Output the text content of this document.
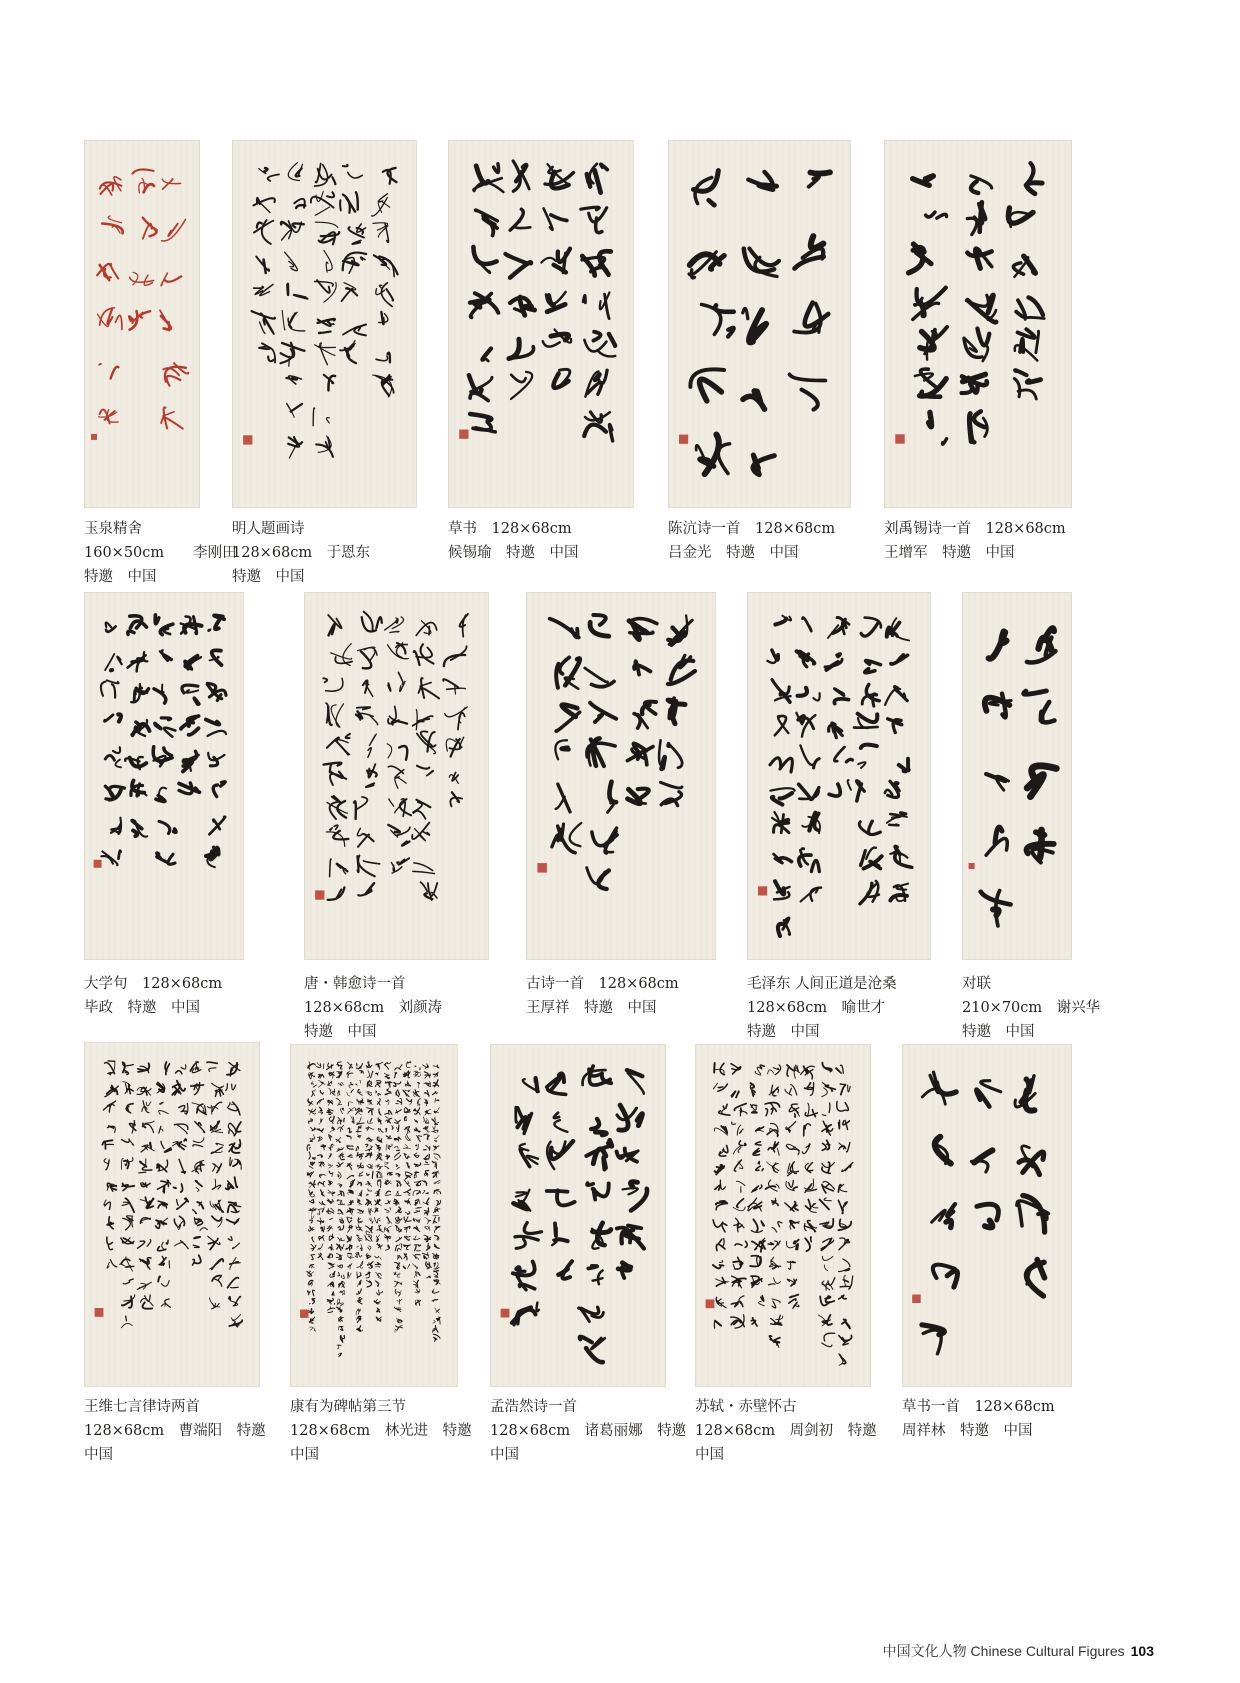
玉泉精舍
160×50cm　　李刚田
特邀　中国
明人题画诗
128×68cm　于恩东
特邀　中国
草书　128×68cm
候锡瑜　特邀　中国
陈沆诗一首　128×68cm
吕金光　特邀　中国
刘禹锡诗一首　128×68cm
王增军　特邀　中国
大学句　128×68cm
毕政　特邀　中国
唐・韩愈诗一首
128×68cm　刘颜涛
特邀　中国
古诗一首　128×68cm
王厚祥　特邀　中国
毛泽东 人间正道是沧桑
128×68cm　喻世才
特邀　中国
对联
210×70cm　谢兴华
特邀　中国
王维七言律诗两首
128×68cm　曹端阳　特邀
中国
康有为碑帖第三节
128×68cm　林光进　特邀
中国
孟浩然诗一首
128×68cm　诸葛丽娜　特邀
中国
苏轼・赤壁怀古
128×68cm　周剑初　特邀
中国
草书一首　128×68cm
周祥林　特邀　中国
中国文化人物 Chinese Cultural Figures 103
